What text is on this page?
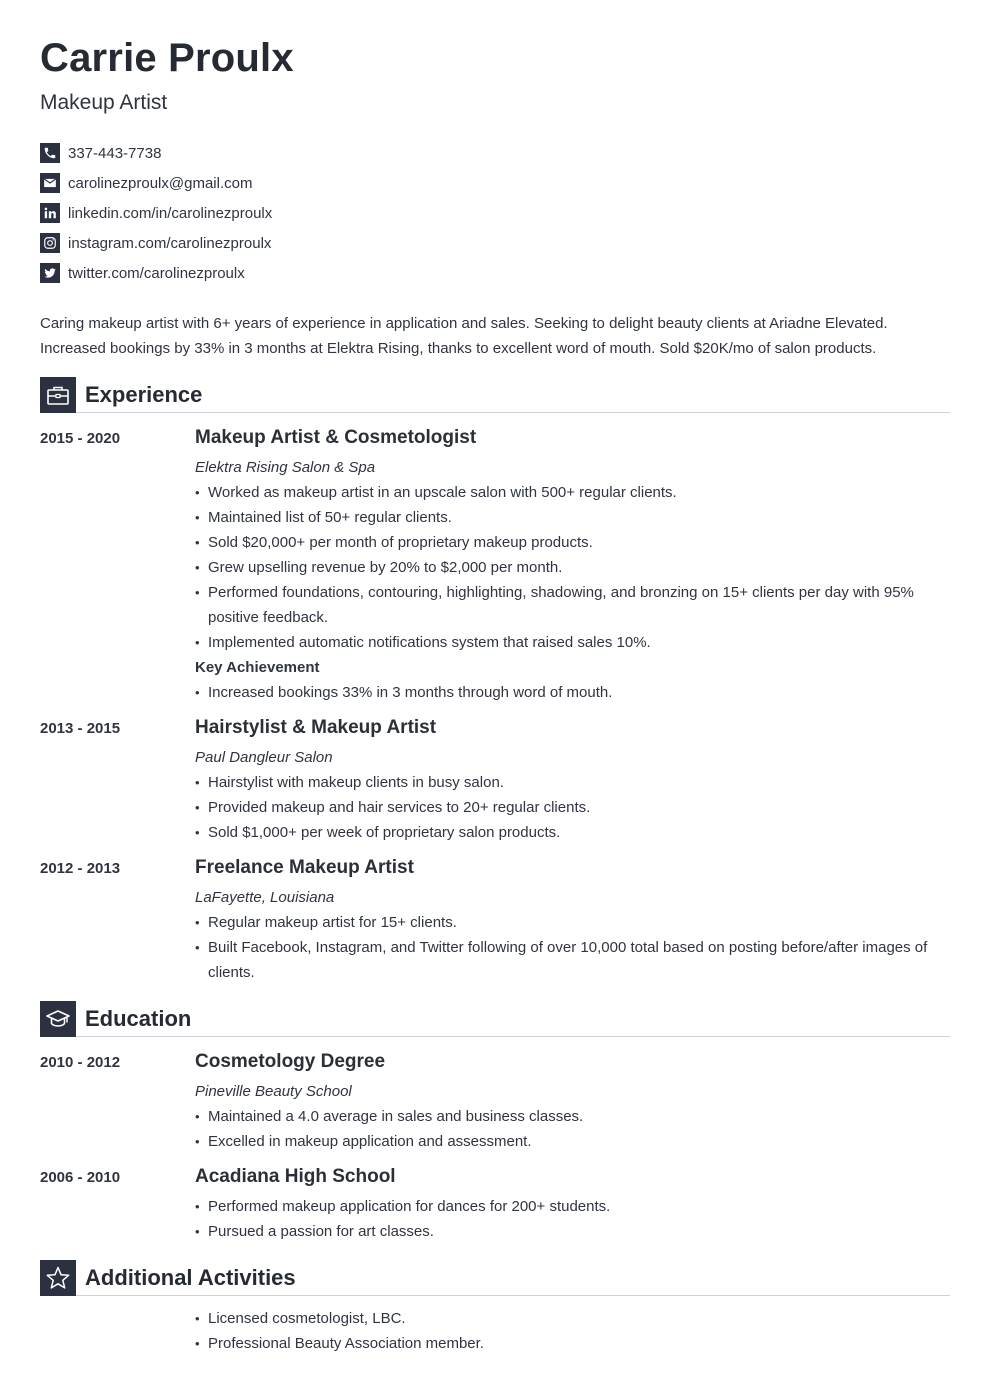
Carrie Proulx

Makeup Artist

337-443-7738
carolinezproulx@gmail.com
linkedin.com/in/carolinezproulx
instagram.com/carolinezproulx
twitter.com/carolinezproulx

Caring makeup artist with 6+ years of experience in application and sales. Seeking to delight beauty clients at Ariadne Elevated. Increased bookings by 33% in 3 months at Elektra Rising, thanks to excellent word of mouth. Sold $20K/mo of salon products.

Experience
2015 - 2020	Makeup Artist & Cosmetologist
Elektra Rising Salon & Spa
• Worked as makeup artist in an upscale salon with 500+ regular clients.
• Maintained list of 50+ regular clients.
• Sold $20,000+ per month of proprietary makeup products.
• Grew upselling revenue by 20% to $2,000 per month.
• Performed foundations, contouring, highlighting, shadowing, and bronzing on 15+ clients per day with 95% positive feedback.
• Implemented automatic notifications system that raised sales 10%.
Key Achievement
• Increased bookings 33% in 3 months through word of mouth.
2013 - 2015	Hairstylist & Makeup Artist
Paul Dangleur Salon
• Hairstylist with makeup clients in busy salon.
• Provided makeup and hair services to 20+ regular clients.
• Sold $1,000+ per week of proprietary salon products.
2012 - 2013	Freelance Makeup Artist
LaFayette, Louisiana
• Regular makeup artist for 15+ clients.
• Built Facebook, Instagram, and Twitter following of over 10,000 total based on posting before/after images of clients.
Education
2010 - 2012	Cosmetology Degree
Pineville Beauty School
• Maintained a 4.0 average in sales and business classes.
• Excelled in makeup application and assessment.
2006 - 2010	Acadiana High School
• Performed makeup application for dances for 200+ students.
• Pursued a passion for art classes.
Additional Activities
• Licensed cosmetologist, LBC.
• Professional Beauty Association member.
